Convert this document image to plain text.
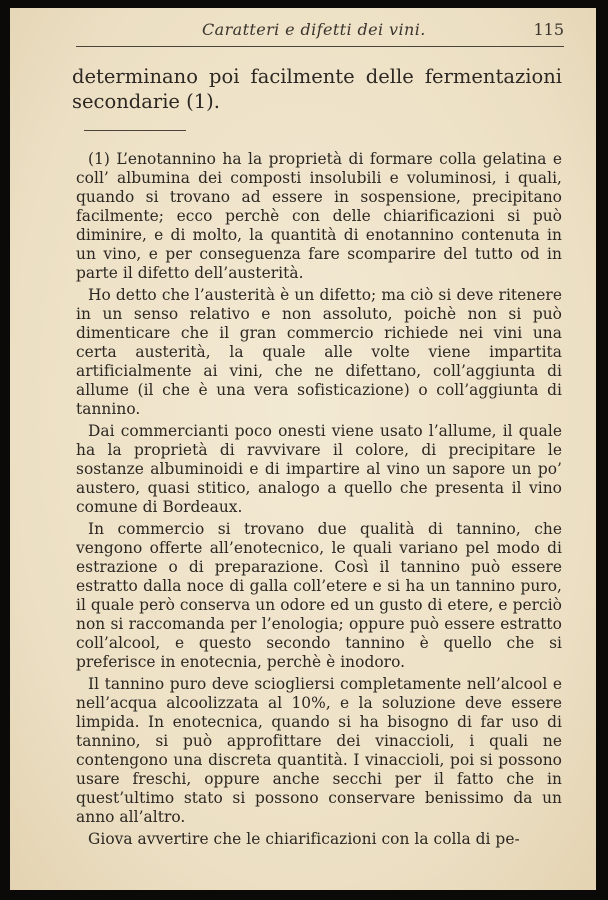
Caratteri e difetti dei vini.	115

determinano poi facilmente delle fermentazioni secondarie (1).

(1) L’enotannino ha la proprietà di formare colla gelatina e coll’ albumina dei composti insolubili e voluminosi, i quali, quando si trovano ad essere in sospensione, precipitano facilmente; ecco perchè con delle chiarificazioni si può diminire, e di molto, la quantità di enotannino contenuta in un vino, e per conseguenza fare scomparire del tutto od in parte il difetto dell’austerità.

Ho detto che l’austerità è un difetto; ma ciò si deve ritenere in un senso relativo e non assoluto, poichè non si può dimenticare che il gran commercio richiede nei vini una certa austerità, la quale alle volte viene impartita artificialmente ai vini, che ne difettano, coll’aggiunta di allume (il che è una vera sofisticazione) o coll’aggiunta di tannino.

Dai commercianti poco onesti viene usato l’allume, il quale ha la proprietà di ravvivare il colore, di precipitare le sostanze albuminoidi e di impartire al vino un sapore un po’ austero, quasi stitico, analogo a quello che presenta il vino comune di Bordeaux.

In commercio si trovano due qualità di tannino, che vengono offerte all’enotecnico, le quali variano pel modo di estrazione o di preparazione. Così il tannino può essere estratto dalla noce di galla coll’etere e si ha un tannino puro, il quale però conserva un odore ed un gusto di etere, e perciò non si raccomanda per l’enologia; oppure può essere estratto coll’alcool, e questo secondo tannino è quello che si preferisce in enotecnia, perchè è inodoro.

Il tannino puro deve sciogliersi completamente nell’alcool e nell’acqua alcoolizzata al 10%, e la soluzione deve essere limpida. In enotecnica, quando si ha bisogno di far uso di tannino, si può approfittare dei vinaccioli, i quali ne contengono una discreta quantità. I vinaccioli, poi si possono usare freschi, oppure anche secchi per il fatto che in quest’ultimo stato si possono conservare benissimo da un anno all’altro.

Giova avvertire che le chiarificazioni con la colla di pe-
